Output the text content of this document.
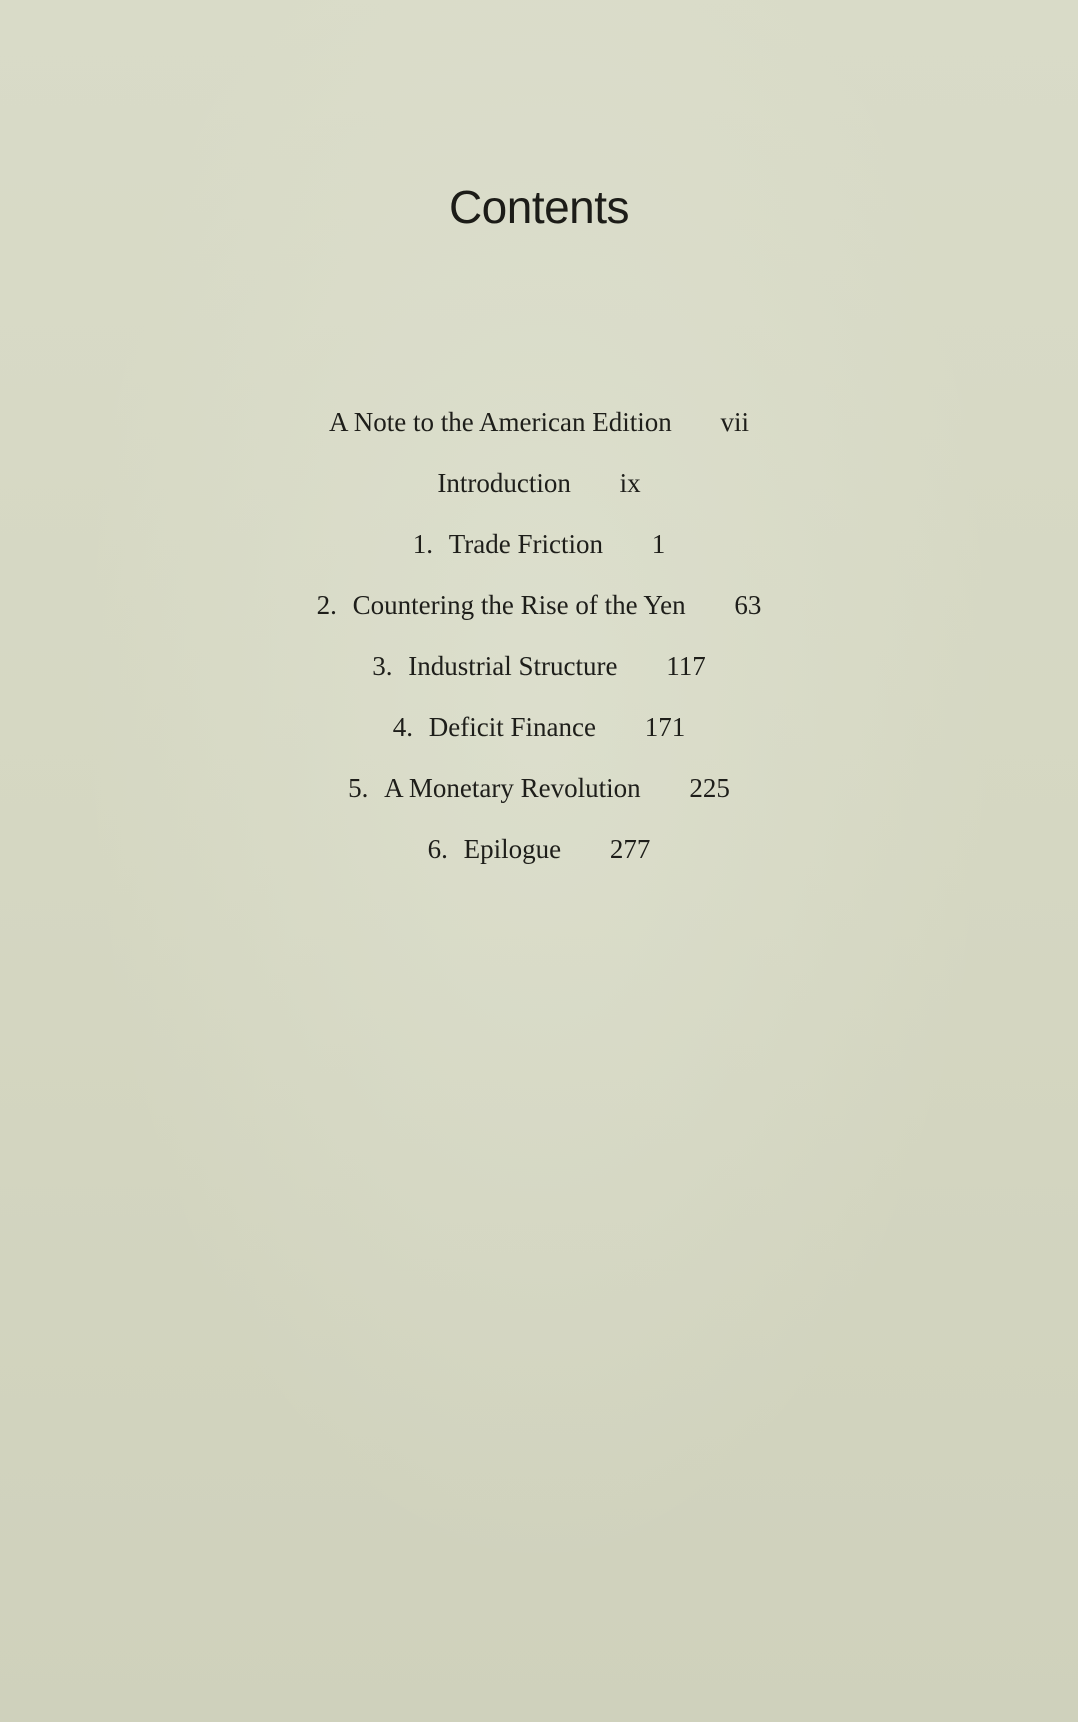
Contents
A Note to the American Edition vii
Introduction ix
1 . Trade Friction 1
2 . Countering the Rise of the Yen 63
3 . Industrial Structure 117
4 . Deficit Finance 171
5 . A Monetary Revolution 225
6 . Epilogue 277
